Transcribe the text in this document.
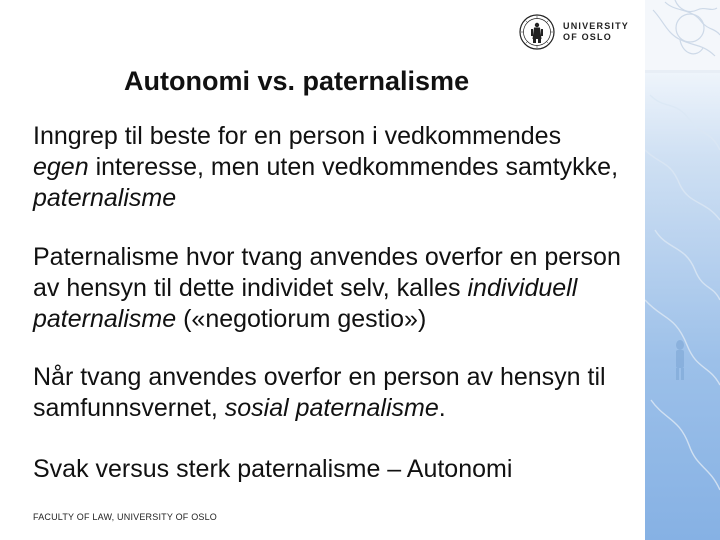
UNIVERSITY
OF OSLO
Autonomi vs. paternalisme

Inngrep til beste for en person i vedkommendes
egen interesse, men uten vedkommendes samtykke, paternalisme

Paternalisme hvor tvang anvendes overfor en person av hensyn til dette individet selv, kalles individuell paternalisme («negotiorum gestio»)

Når tvang anvendes overfor en person av hensyn til samfunnsvernet, sosial paternalisme.

Svak versus sterk paternalisme – Autonomi

FACULTY OF LAW, UNIVERSITY OF OSLO
